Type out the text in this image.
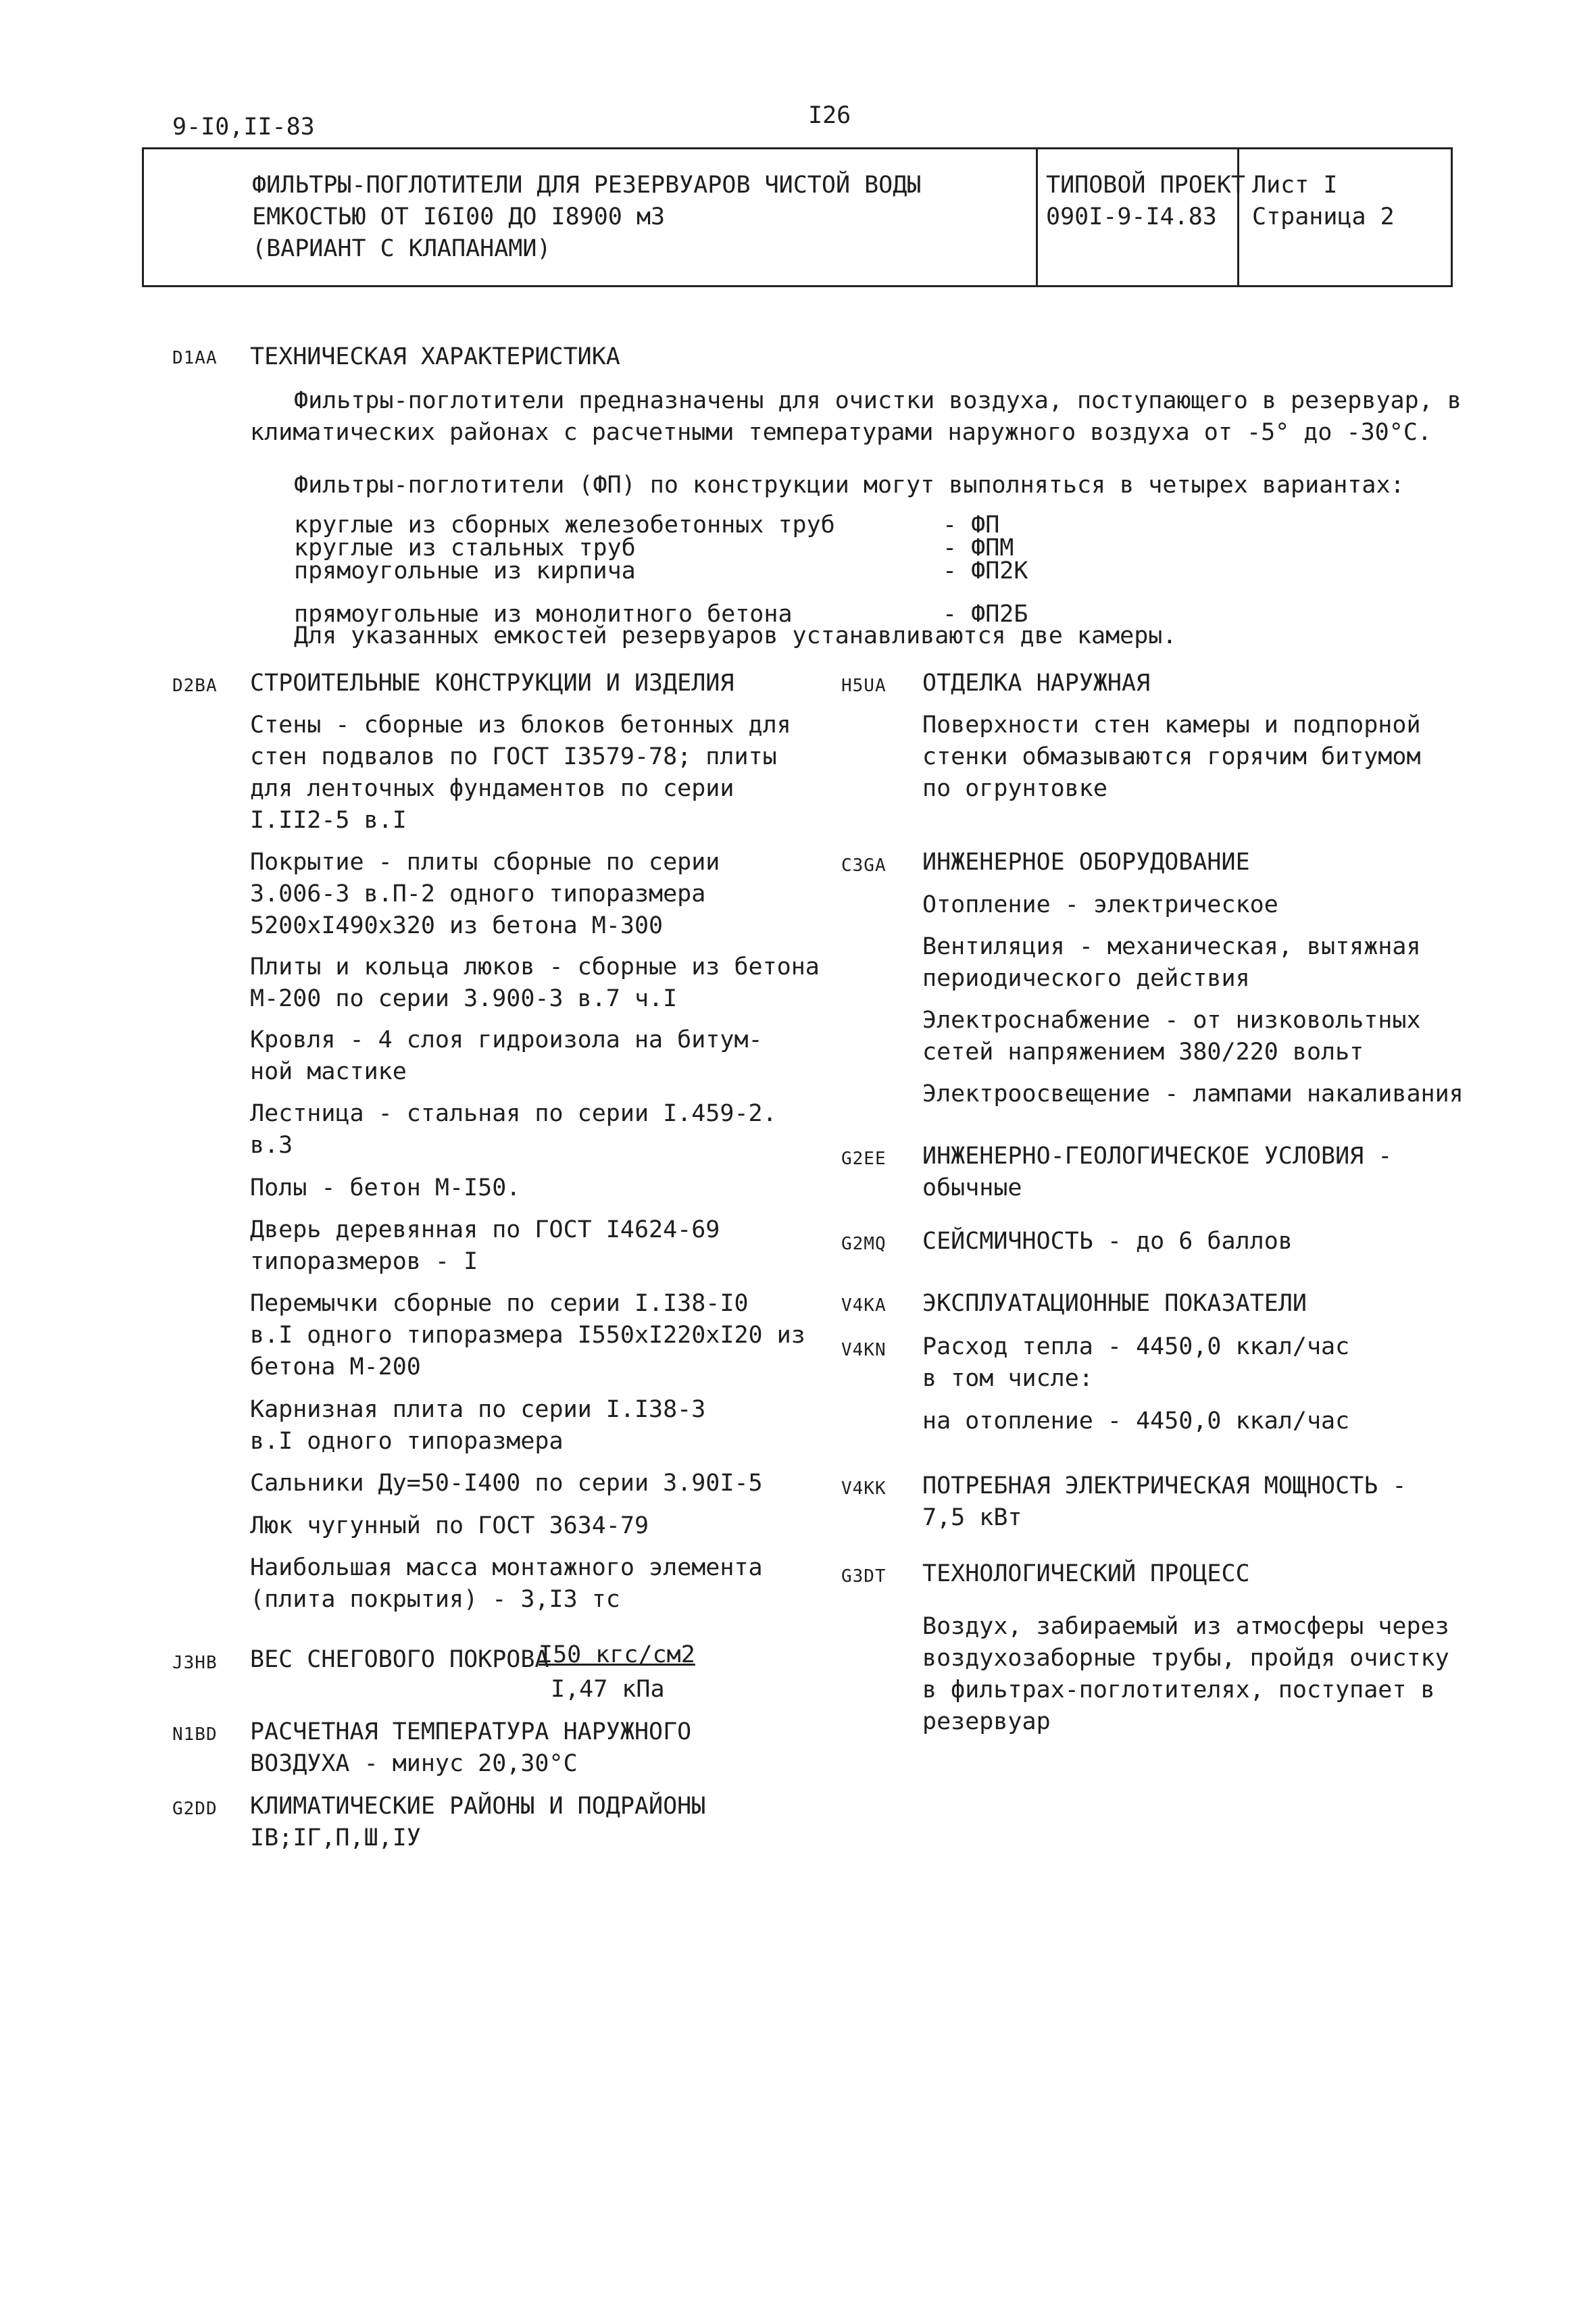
9-I0,II-83	I26
ФИЛЬТРЫ-ПОГЛОТИТЕЛИ ДЛЯ РЕЗЕРВУАРОВ ЧИСТОЙ ВОДЫ
ЕМКОСТЬЮ ОТ I6I00 ДО I8900 м3
(ВАРИАНТ С КЛАПАНАМИ)
ТИПОВОЙ ПРОЕКТ
090I-9-I4.83
Лист I
Страница 2
D1AA ТЕХНИЧЕСКАЯ ХАРАКТЕРИСТИКА
Фильтры-поглотители предназначены для очистки воздуха, поступающего в резервуар, в
климатических районах с расчетными температурами наружного воздуха от -5° до -30°С.
Фильтры-поглотители (ФП) по конструкции могут выполняться в четырех вариантах:
круглые из сборных железобетонных труб	- ФП
круглые из стальных труб	- ФПМ
прямоугольные из кирпича	- ФП2К
прямоугольные из монолитного бетона	- ФП2Б
Для указанных емкостей резервуаров устанавливаются две камеры.
D2BA СТРОИТЕЛЬНЫЕ КОНСТРУКЦИИ И ИЗДЕЛИЯ
Стены - сборные из блоков бетонных для
стен подвалов по ГОСТ I3579-78; плиты
для ленточных фундаментов по серии
I.II2-5 в.I
Покрытие - плиты сборные по серии
3.006-3 в.П-2 одного типоразмера
5200хI490х320 из бетона М-300
Плиты и кольца люков - сборные из бетона
М-200 по серии 3.900-3 в.7 ч.I
Кровля - 4 слоя гидроизола на битум-
ной мастике
Лестница - стальная по серии I.459-2.
в.3
Полы - бетон М-I50.
Дверь деревянная по ГОСТ I4624-69
типоразмеров - I
Перемычки сборные по серии I.I38-I0
в.I одного типоразмера I550хI220хI20 из
бетона М-200
Карнизная плита по серии I.I38-3
в.I одного типоразмера
Сальники Ду=50-I400 по серии 3.90I-5
Люк чугунный по ГОСТ 3634-79
Наибольшая масса монтажного элемента
(плита покрытия) - 3,I3 тс
J3HB ВЕС СНЕГОВОГО ПОКРОВА
I50 кгс/см2
I,47 кПа
N1BD РАСЧЕТНАЯ ТЕМПЕРАТУРА НАРУЖНОГО
ВОЗДУХА - минус 20,30°С
G2DD КЛИМАТИЧЕСКИЕ РАЙОНЫ И ПОДРАЙОНЫ
IВ;IГ,П,Ш,IУ
H5UA ОТДЕЛКА НАРУЖНАЯ
Поверхности стен камеры и подпорной
стенки обмазываются горячим битумом
по огрунтовке
C3GA ИНЖЕНЕРНОЕ ОБОРУДОВАНИЕ
Отопление - электрическое
Вентиляция - механическая, вытяжная
периодического действия
Электроснабжение - от низковольтных
сетей напряжением 380/220 вольт
Электроосвещение - лампами накаливания
G2EE ИНЖЕНЕРНО-ГЕОЛОГИЧЕСКОЕ УСЛОВИЯ -
обычные
G2MQ СЕЙСМИЧНОСТЬ - до 6 баллов
V4KA ЭКСПЛУАТАЦИОННЫЕ ПОКАЗАТЕЛИ
V4KN Расход тепла - 4450,0 ккал/час
в том числе:
на отопление - 4450,0 ккал/час
V4KK ПОТРЕБНАЯ ЭЛЕКТРИЧЕСКАЯ МОЩНОСТЬ -
7,5 кВт
G3DT ТЕХНОЛОГИЧЕСКИЙ ПРОЦЕСС
Воздух, забираемый из атмосферы через
воздухозаборные трубы, пройдя очистку
в фильтрах-поглотителях, поступает в
резервуар
